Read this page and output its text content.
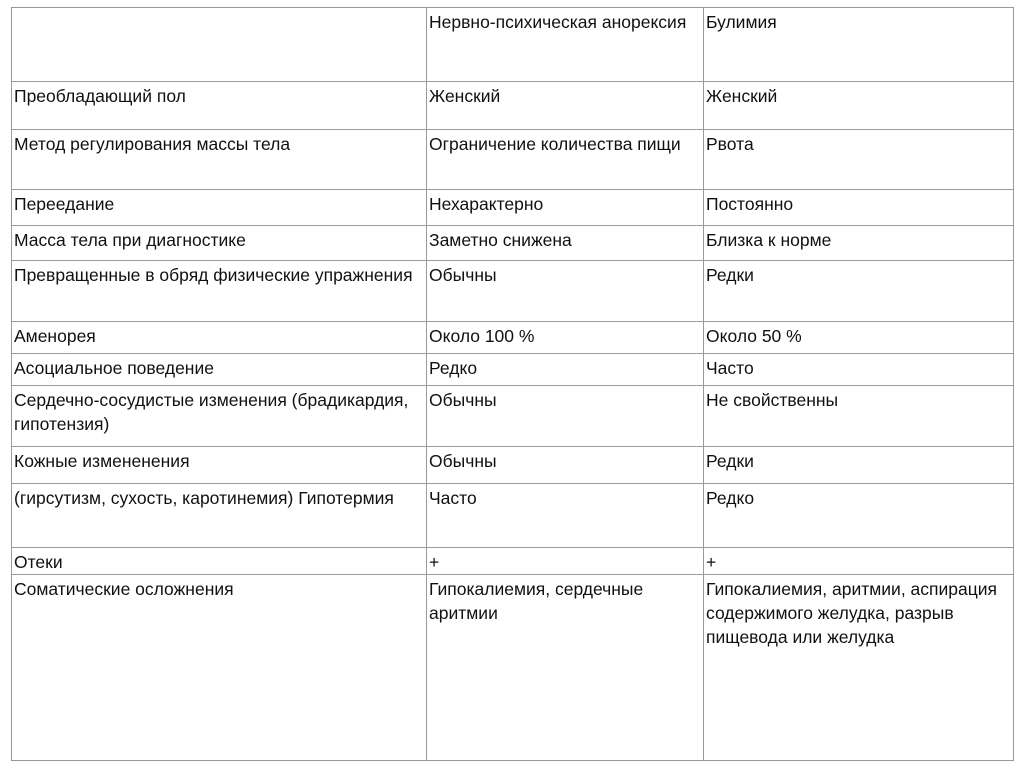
	Нервно-психическая анорексия	Булимия
Преобладающий пол	Женский	Женский
Метод регулирования массы тела	Ограничение количества пищи	Рвота
Переедание	Нехарактерно	Постоянно
Масса тела при диагностике	Заметно снижена	Близка к норме
Превращенные в обряд физические упражнения	Обычны	Редки
Аменорея	Около 100 %	Около 50 %
Асоциальное поведение	Редко	Часто
Сердечно-сосудистые изменения (брадикардия, гипотензия)	Обычны	Не свойственны
Кожные измененения	Обычны	Редки
(гирсутизм, сухость, каротинемия) Гипотермия	Часто	Редко
Отеки	+	+
Соматические осложнения	Гипокалиемия, сердечные аритмии	Гипокалиемия, аритмии, аспирация содержимого желудка, разрыв пищевода или желудка
